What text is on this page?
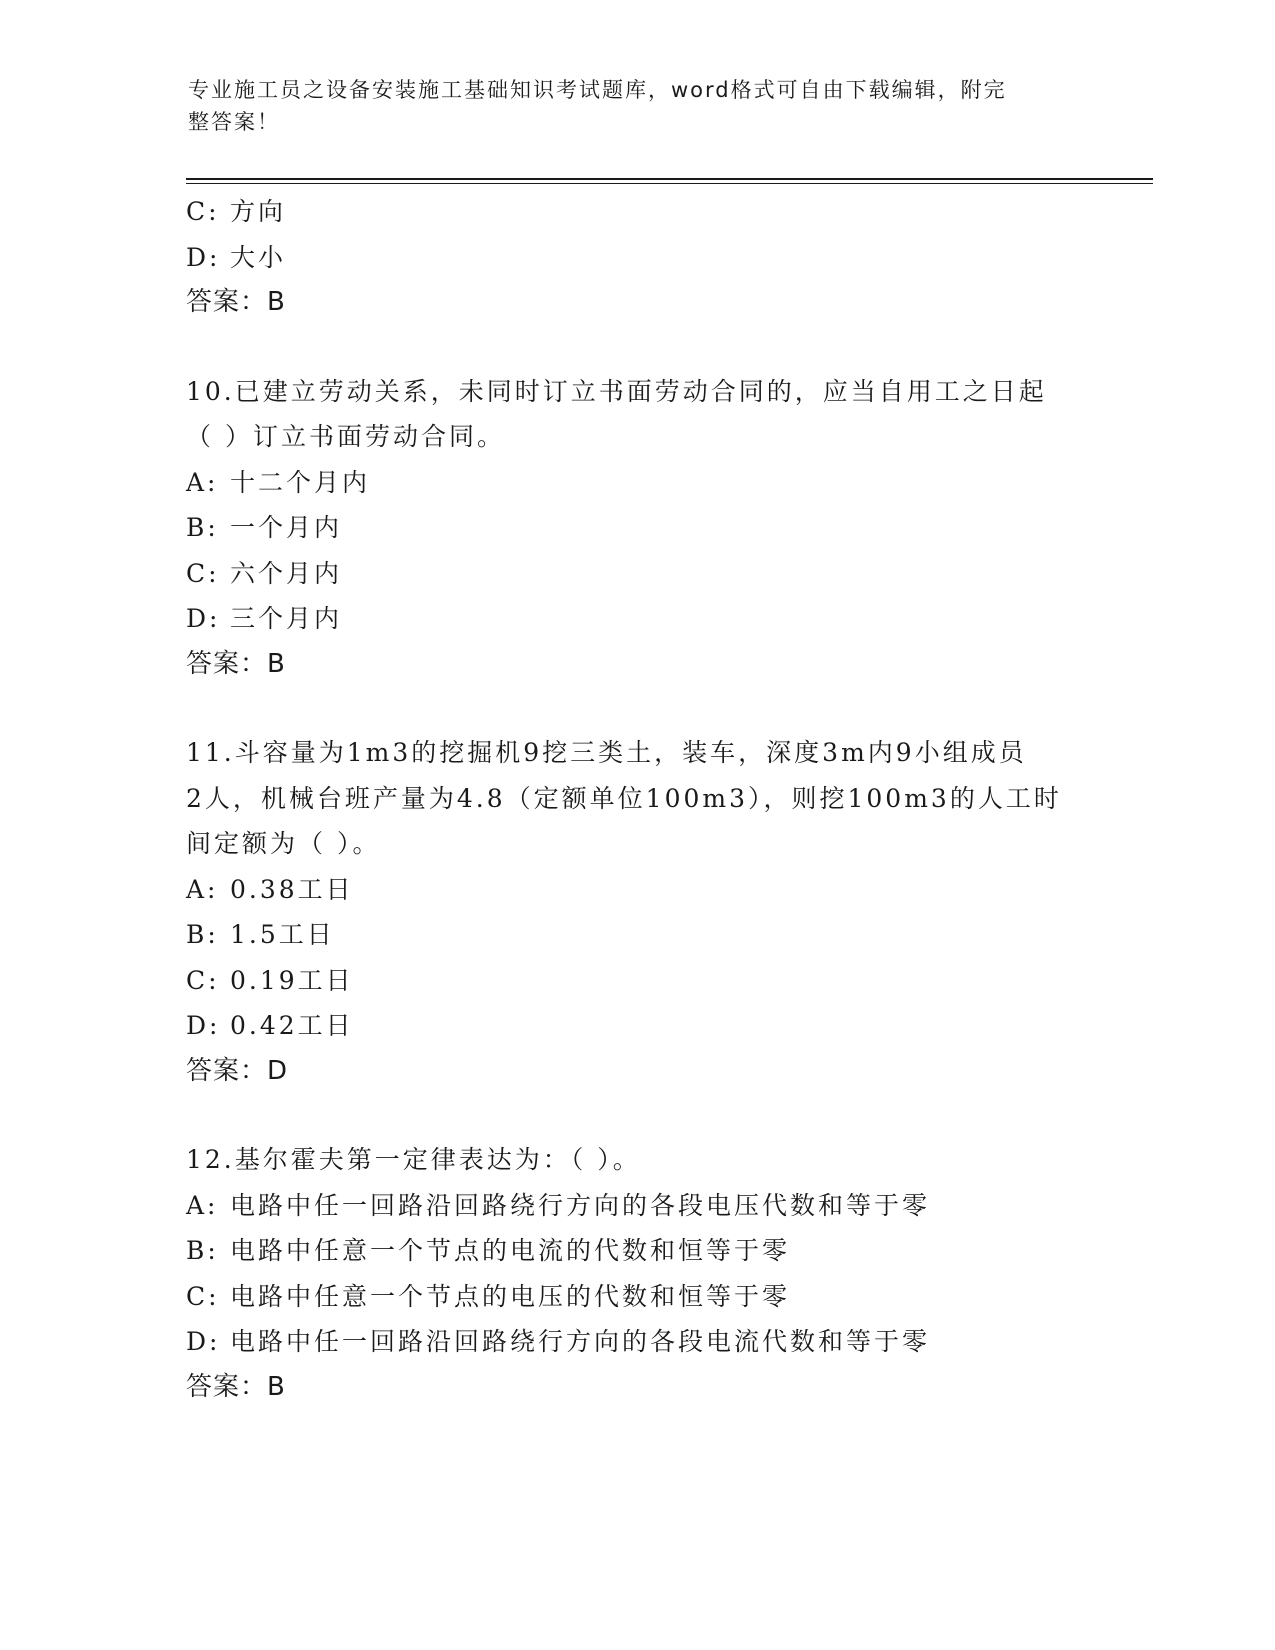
专业施工员之设备安装施工基础知识考试题库，word格式可自由下载编辑，附完
整答案！
C: 方向
D: 大小
答案：B
10.已建立劳动关系，未同时订立书面劳动合同的，应当自用工之日起
（ ）订立书面劳动合同。
A: 十二个月内
B: 一个月内
C: 六个月内
D: 三个月内
答案：B
11.斗容量为1m3的挖掘机9挖三类土，装车，深度3m内9小组成员
2人，机械台班产量为4.8（定额单位100m3），则挖100m3的人工时
间定额为（ ）。
A: 0.38工日
B: 1.5工日
C: 0.19工日
D: 0.42工日
答案：D
12.基尔霍夫第一定律表达为：（ ）。
A: 电路中任一回路沿回路绕行方向的各段电压代数和等于零
B: 电路中任意一个节点的电流的代数和恒等于零
C: 电路中任意一个节点的电压的代数和恒等于零
D: 电路中任一回路沿回路绕行方向的各段电流代数和等于零
答案：B
